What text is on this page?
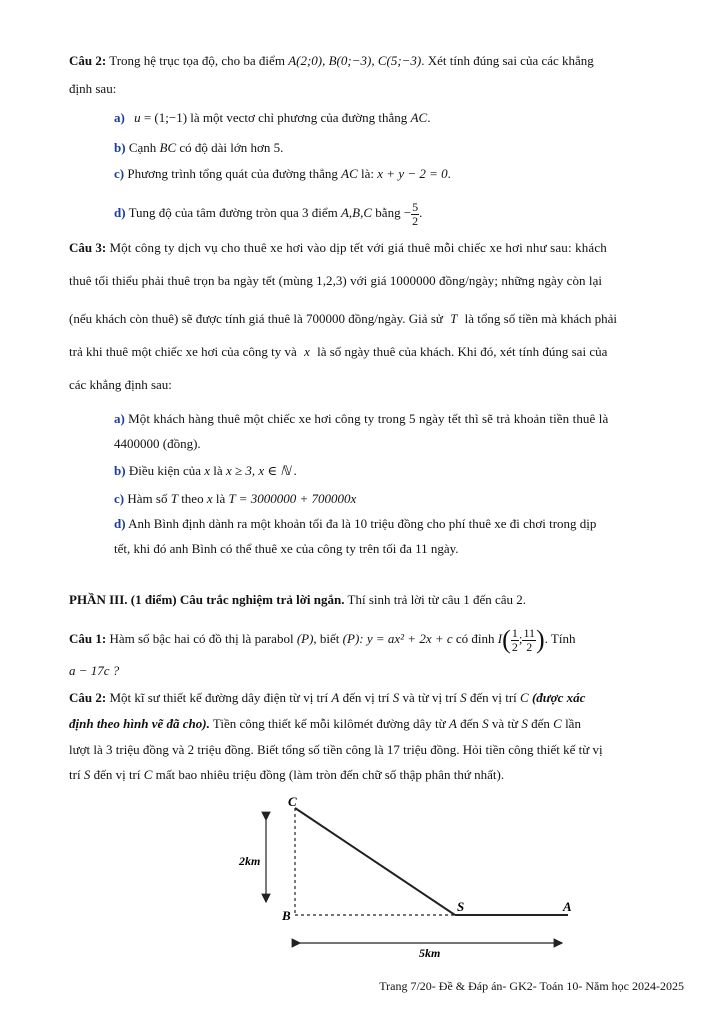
Câu 2: Trong hệ trục tọa độ, cho ba điểm A(2;0), B(0;−3), C(5;−3). Xét tính đúng sai của các khẳng
định sau:
a) u = (1;−1) là một vectơ chỉ phương của đường thẳng AC.
b) Cạnh BC có độ dài lớn hơn 5.
c) Phương trình tổng quát của đường thẳng AC là: x + y − 2 = 0.
d) Tung độ của tâm đường tròn qua 3 điểm A,B,C bằng − $\frac{5}{2}$ .
Câu 3: Một công ty dịch vụ cho thuê xe hơi vào dịp tết với giá thuê mỗi chiếc xe hơi như sau: khách
thuê tối thiểu phải thuê trọn ba ngày tết (mùng 1,2,3) với giá 1000000 đồng/ngày; những ngày còn lại
(nếu khách còn thuê) sẽ được tính giá thuê là 700000 đồng/ngày. Giả sử T là tổng số tiền mà khách phải
trả khi thuê một chiếc xe hơi của công ty và x là số ngày thuê của khách. Khi đó, xét tính đúng sai của
các khẳng định sau:
a) Một khách hàng thuê một chiếc xe hơi công ty trong 5 ngày tết thì sẽ trả khoản tiền thuê là
4400000 (đồng).
b) Điều kiện của x là x ≥ 3, x ∈ ℕ .
c) Hàm số T theo x là T = 3000000 + 700000x
d) Anh Bình định dành ra một khoản tối đa là 10 triệu đồng cho phí thuê xe đi chơi trong dịp
tết, khi đó anh Bình có thể thuê xe của công ty trên tối đa 11 ngày.
PHẦN III. (1 điểm) Câu trắc nghiệm trả lời ngắn. Thí sinh trả lời từ câu 1 đến câu 2.
Câu 1: Hàm số bậc hai có đồ thị là parabol (P), biết (P): y = ax² + 2x + c có đỉnh $I( \frac{1}{2}$ ; $\frac{11}{2}$ ). Tính
a − 17c ?
Câu 2: Một kĩ sư thiết kế đường dây điện từ vị trí A đến vị trí S và từ vị trí S đến vị trí C (được xác
định theo hình vẽ đã cho). Tiền công thiết kế mỗi kilômét đường dây từ A đến S và từ S đến C lần
lượt là 3 triệu đồng và 2 triệu đồng. Biết tổng số tiền công là 17 triệu đồng. Hỏi tiền công thiết kế từ vị
trí S đến vị trí C mất bao nhiêu triệu đồng (làm tròn đến chữ số thập phân thứ nhất).
C
B
S	A
2km
5km
Trang 7/20- Đề & Đáp án- GK2- Toán 10- Năm học 2024-2025
